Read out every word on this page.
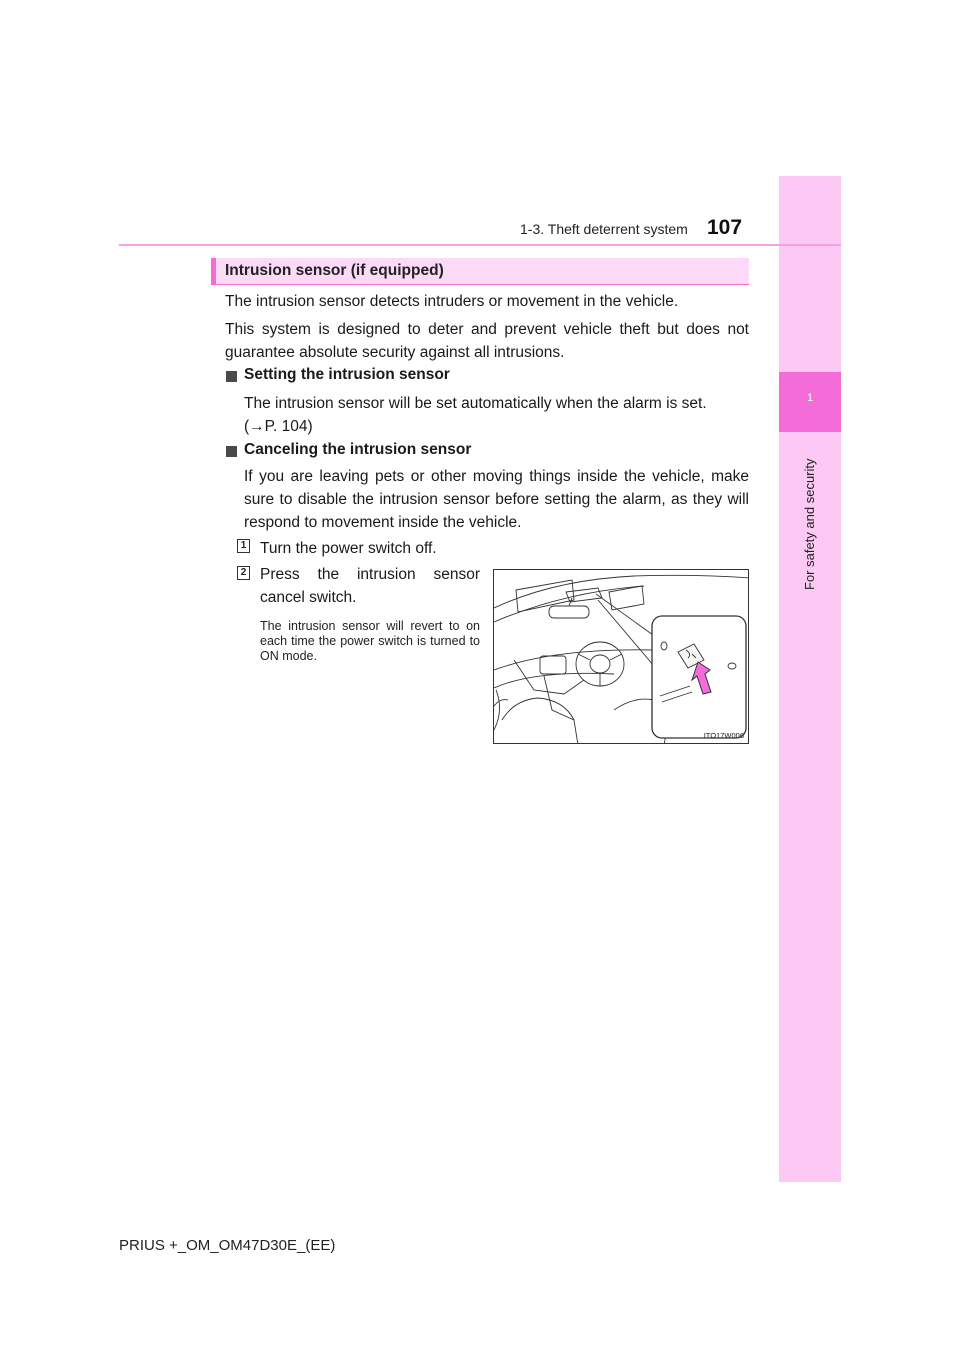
1
For safety and security
1-3. Theft deterrent system 107
Intrusion sensor (if equipped)
The intrusion sensor detects intruders or movement in the vehicle.
This system is designed to deter and prevent vehicle theft but does not guarantee absolute security against all intrusions.
Setting the intrusion sensor
The intrusion sensor will be set automatically when the alarm is set.
(→P. 104)
Canceling the intrusion sensor
If you are leaving pets or other moving things inside the vehicle, make sure to disable the intrusion sensor before setting the alarm, as they will respond to movement inside the vehicle.
1 Turn the power switch off.
2 Press the intrusion sensor cancel switch.
The intrusion sensor will revert to on each time the power switch is turned to ON mode.
ITO17W006
PRIUS +_OM_OM47D30E_(EE)
